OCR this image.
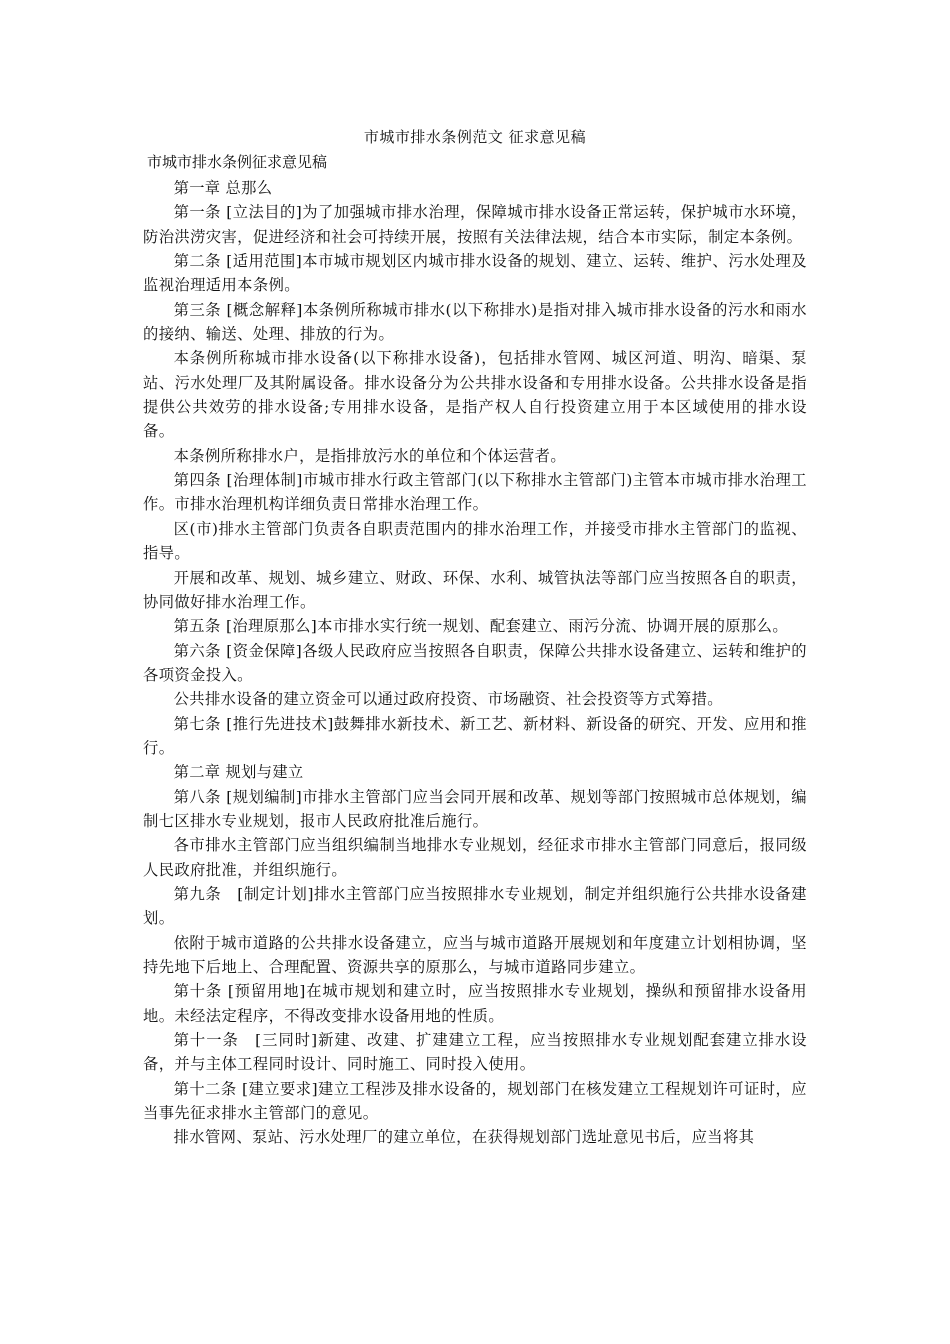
市城市排水条例范文 征求意见稿
市城市排水条例征求意见稿

第一章 总那么

第一条 [立法目的]为了加强城市排水治理，保障城市排水设备正常运转，保护城市水环境，防治洪涝灾害，促进经济和社会可持续开展，按照有关法律法规，结合本市实际，制定本条例。

第二条 [适用范围]本市城市规划区内城市排水设备的规划、建立、运转、维护、污水处理及监视治理适用本条例。

第三条 [概念解释]本条例所称城市排水(以下称排水)是指对排入城市排水设备的污水和雨水的接纳、输送、处理、排放的行为。

本条例所称城市排水设备(以下称排水设备)，包括排水管网、城区河道、明沟、暗渠、泵站、污水处理厂及其附属设备。排水设备分为公共排水设备和专用排水设备。公共排水设备是指提供公共效劳的排水设备;专用排水设备，是指产权人自行投资建立用于本区域使用的排水设备。

本条例所称排水户，是指排放污水的单位和个体运营者。

第四条 [治理体制]市城市排水行政主管部门(以下称排水主管部门)主管本市城市排水治理工作。市排水治理机构详细负责日常排水治理工作。

区(市)排水主管部门负责各自职责范围内的排水治理工作，并接受市排水主管部门的监视、指导。

开展和改革、规划、城乡建立、财政、环保、水利、城管执法等部门应当按照各自的职责，协同做好排水治理工作。

第五条 [治理原那么]本市排水实行统一规划、配套建立、雨污分流、协调开展的原那么。

第六条 [资金保障]各级人民政府应当按照各自职责，保障公共排水设备建立、运转和维护的各项资金投入。

公共排水设备的建立资金可以通过政府投资、市场融资、社会投资等方式筹措。

第七条 [推行先进技术]鼓舞排水新技术、新工艺、新材料、新设备的研究、开发、应用和推行。

第二章 规划与建立

第八条 [规划编制]市排水主管部门应当会同开展和改革、规划等部门按照城市总体规划，编制七区排水专业规划，报市人民政府批准后施行。

各市排水主管部门应当组织编制当地排水专业规划，经征求市排水主管部门同意后，报同级人民政府批准，并组织施行。

第九条　[制定计划]排水主管部门应当按照排水专业规划，制定并组织施行公共排水设备建划。

依附于城市道路的公共排水设备建立，应当与城市道路开展规划和年度建立计划相协调，坚持先地下后地上、合理配置、资源共享的原那么，与城市道路同步建立。

第十条 [预留用地]在城市规划和建立时，应当按照排水专业规划，操纵和预留排水设备用地。未经法定程序，不得改变排水设备用地的性质。

第十一条　[三同时]新建、改建、扩建建立工程，应当按照排水专业规划配套建立排水设备，并与主体工程同时设计、同时施工、同时投入使用。

第十二条 [建立要求]建立工程涉及排水设备的，规划部门在核发建立工程规划许可证时，应当事先征求排水主管部门的意见。

排水管网、泵站、污水处理厂的建立单位，在获得规划部门选址意见书后，应当将其
